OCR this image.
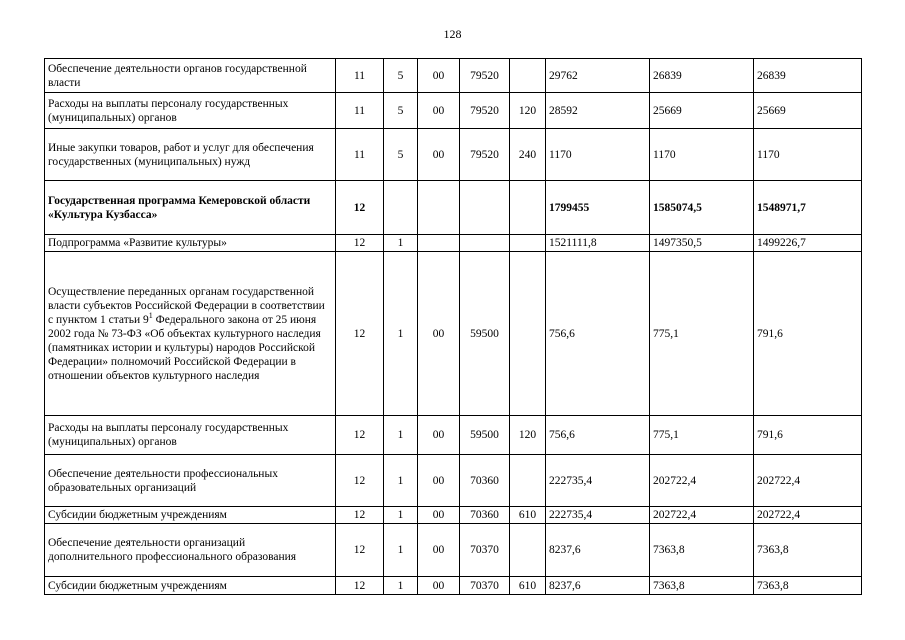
128
Обеспечение деятельности органов государственной власти	11	5	00	79520		29762	26839	26839
Расходы на выплаты персоналу государственных (муниципальных) органов	11	5	00	79520	120	28592	25669	25669
Иные закупки товаров, работ и услуг для обеспечения государственных (муниципальных) нужд	11	5	00	79520	240	1170	1170	1170
Государственная программа Кемеровской области «Культура Кузбасса»	12					1799455	1585074,5	1548971,7
Подпрограмма «Развитие культуры»	12	1				1521111,8	1497350,5	1499226,7
Осуществление переданных органам государственной власти субъектов Российской Федерации в соответствии с пунктом 1 статьи $9^1$ Федерального закона от 25 июня 2002 года № 73-ФЗ «Об объектах культурного наследия (памятниках истории и культуры) народов Российской Федерации» полномочий Российской Федерации в отношении объектов культурного наследия	12	1	00	59500		756,6	775,1	791,6
Расходы на выплаты персоналу государственных (муниципальных) органов	12	1	00	59500	120	756,6	775,1	791,6
Обеспечение деятельности профессиональных образовательных организаций	12	1	00	70360		222735,4	202722,4	202722,4
Субсидии бюджетным учреждениям	12	1	00	70360	610	222735,4	202722,4	202722,4
Обеспечение деятельности организаций дополнительного профессионального образования	12	1	00	70370		8237,6	7363,8	7363,8
Субсидии бюджетным учреждениям	12	1	00	70370	610	8237,6	7363,8	7363,8
